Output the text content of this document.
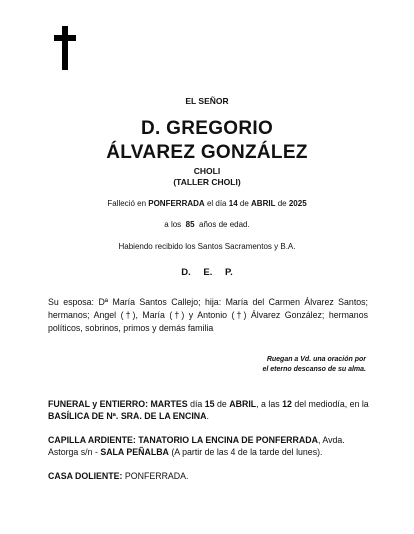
EL SEÑOR
D. GREGORIO
ÁLVAREZ GONZÁLEZ
CHOLI
(TALLER CHOLI)
Falleció en PONFERRADA el día 14 de ABRIL de 2025
a los 85 años de edad.
Habiendo recibido los Santos Sacramentos y B.A.
D. E. P.
Su esposa: Dª María Santos Callejo; hija: María del Carmen Álvarez Santos; hermanos; Angel (†), María (†) y Antonio (†) Álvarez González; hermanos políticos, sobrinos, primos y demás familia
Ruegan a Vd. una oración por
el eterno descanso de su alma.
FUNERAL y ENTIERRO: MARTES día 15 de ABRIL, a las 12 del mediodía, en la BASÍLICA DE Nª. SRA. DE LA ENCINA.
CAPILLA ARDIENTE: TANATORIO LA ENCINA DE PONFERRADA, Avda. Astorga s/n - SALA PEÑALBA (A partir de las 4 de la tarde del lunes).
CASA DOLIENTE: PONFERRADA.
